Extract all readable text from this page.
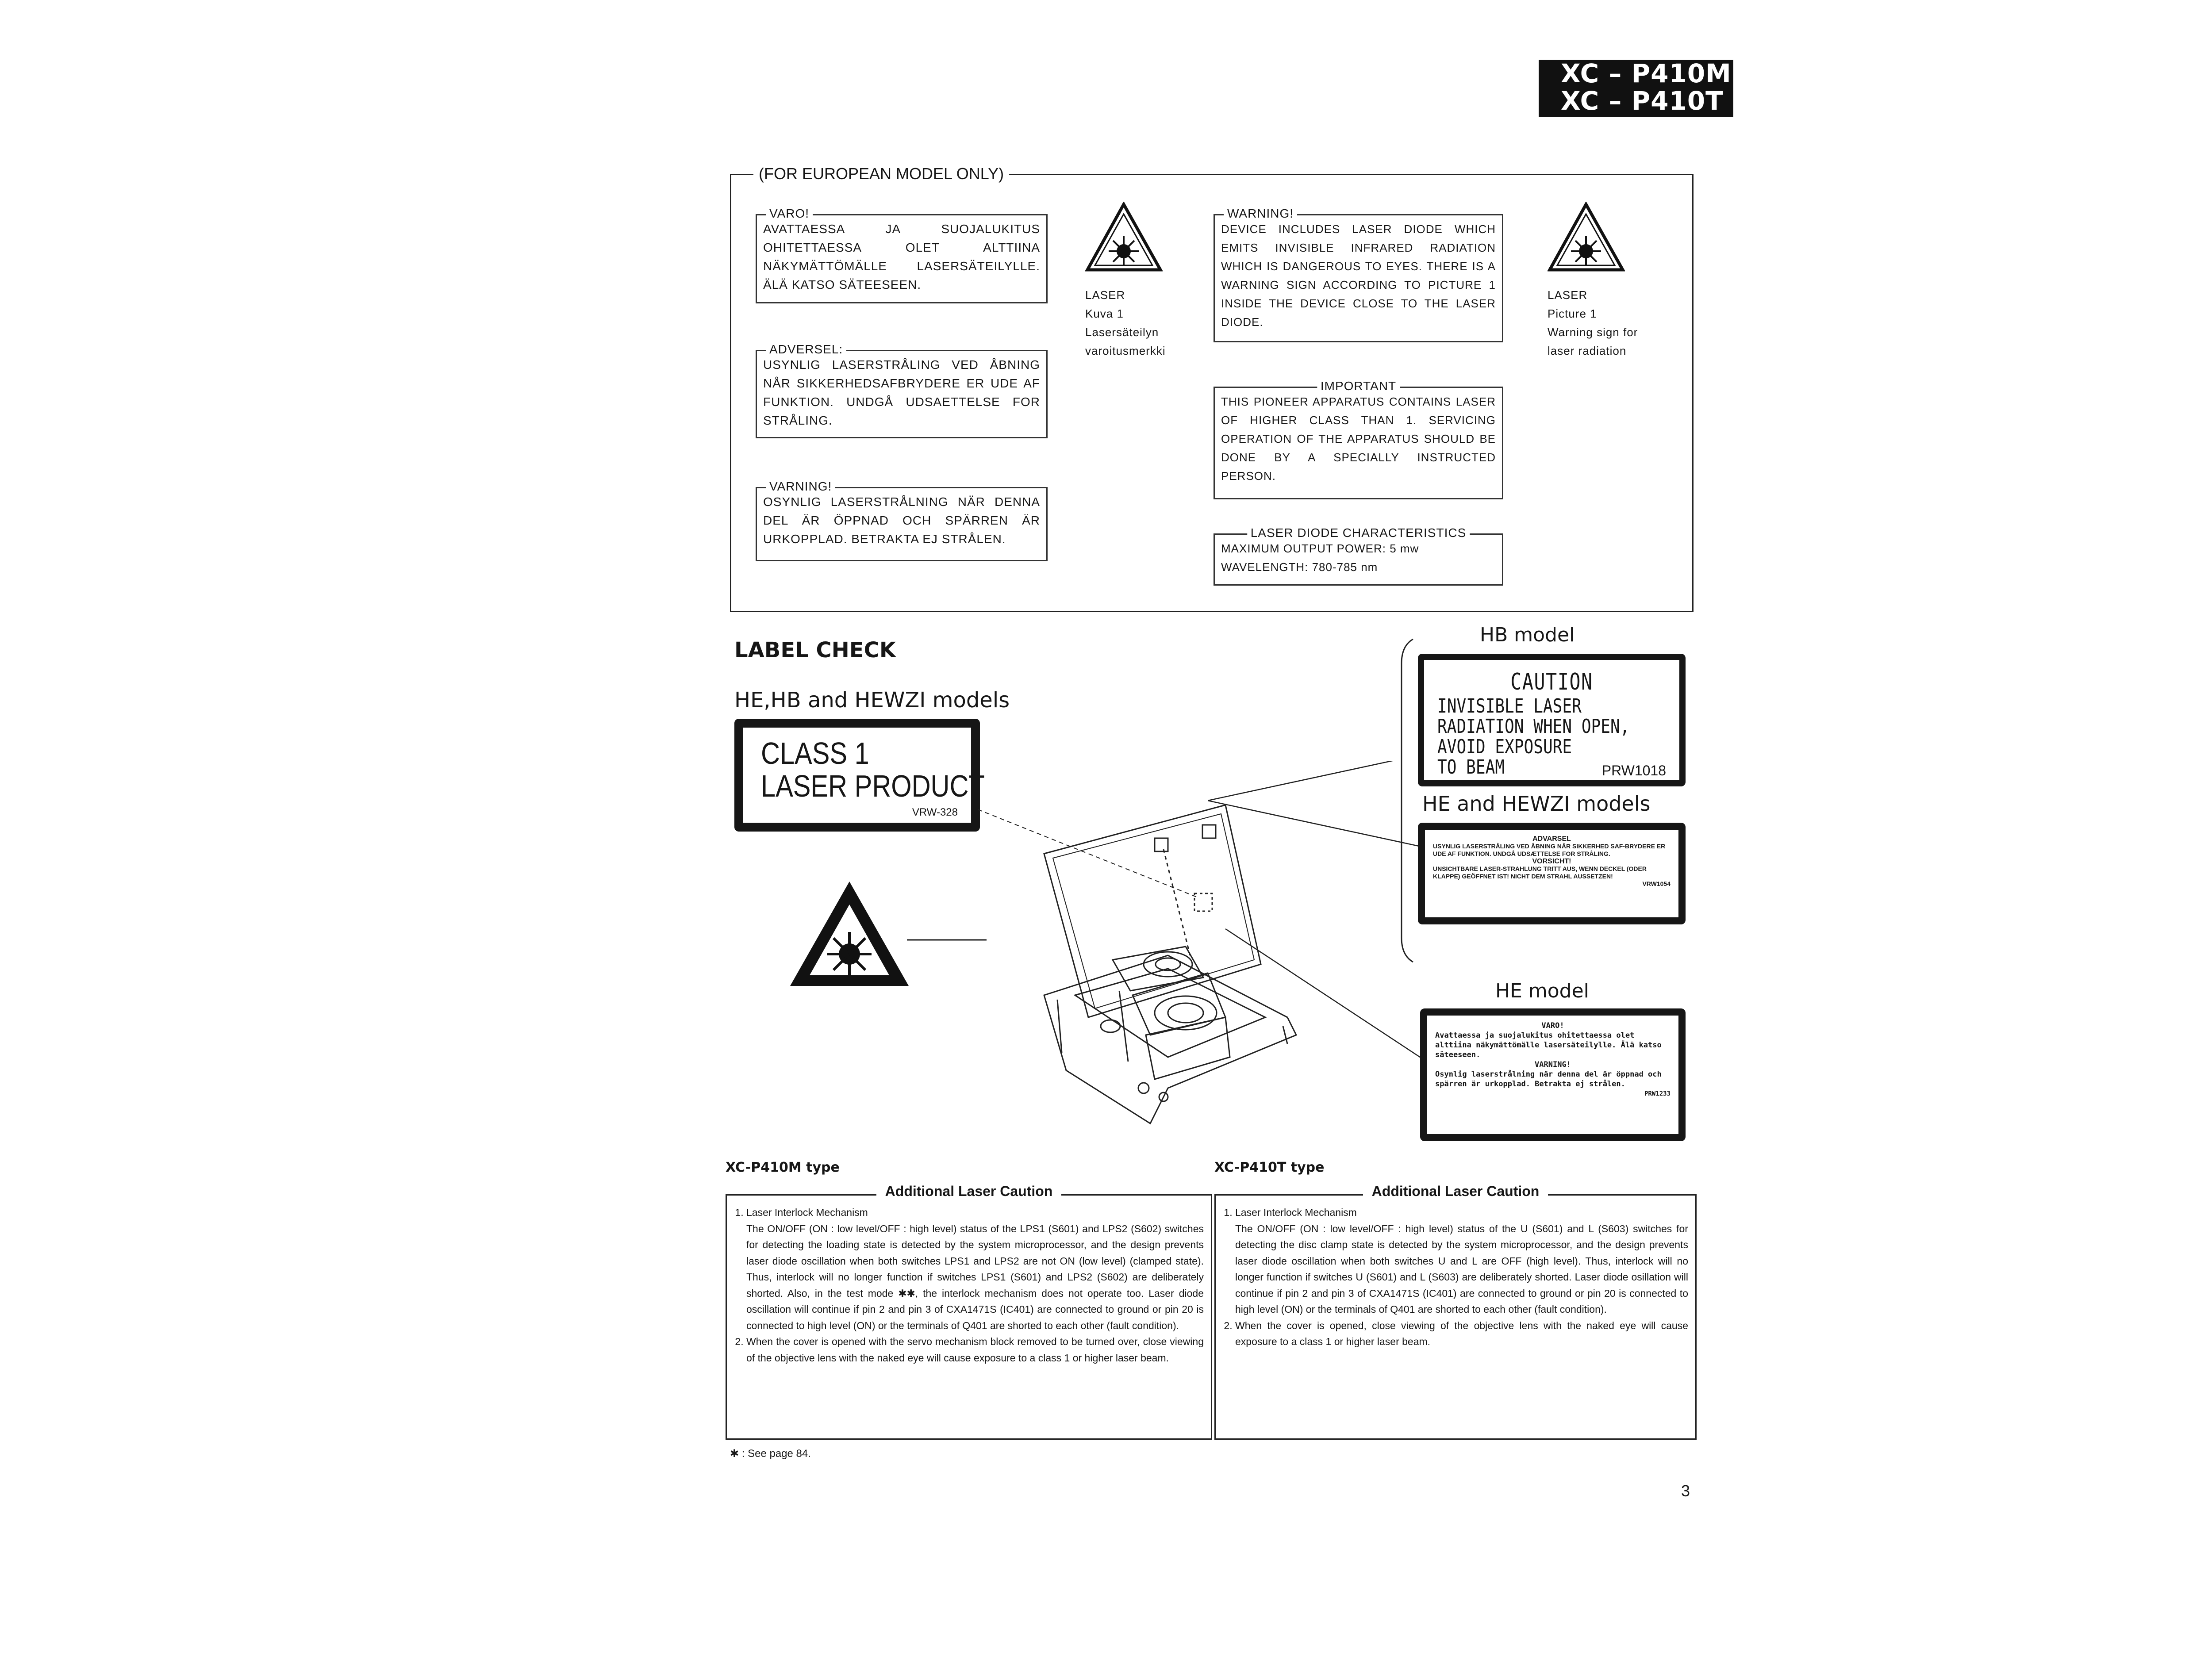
XC – P410M
XC – P410T
(FOR EUROPEAN MODEL ONLY)
VARO!
AVATTAESSA JA SUOJALUKITUS OHITETTAESSA OLET ALTTIINA NÄKYMÄTTÖMÄLLE LASERSÄTEILYLLE. ÄLÄ KATSO SÄTEESEEN.
ADVERSEL:
USYNLIG LASERSTRÅLING VED ÅBNING NÅR SIKKERHEDSAFBRYDERE ER UDE AF FUNKTION. UNDGÅ UDSAETTELSE FOR STRÅLING.
VARNING!
OSYNLIG LASERSTRÅLNING NÄR DENNA DEL ÄR ÖPPNAD OCH SPÄRREN ÄR URKOPPLAD. BETRAKTA EJ STRÅLEN.
LASER
Kuva 1
Lasersäteilyn
varoitusmerkki
WARNING!
DEVICE INCLUDES LASER DIODE WHICH EMITS INVISIBLE INFRARED RADIATION WHICH IS DANGEROUS TO EYES. THERE IS A WARNING SIGN ACCORDING TO PICTURE 1 INSIDE THE DEVICE CLOSE TO THE LASER DIODE.
LASER
Picture 1
Warning sign for
laser radiation
IMPORTANT
THIS PIONEER APPARATUS CONTAINS LASER OF HIGHER CLASS THAN 1. SERVICING OPERATION OF THE APPARATUS SHOULD BE DONE BY A SPECIALLY INSTRUCTED PERSON.
LASER DIODE CHARACTERISTICS
MAXIMUM OUTPUT POWER: 5 mw
WAVELENGTH: 780-785 nm
LABEL CHECK
HE,HB and HEWZI models
CLASS 1
LASER PRODUCT
VRW-328
HB model
CAUTION
INVISIBLE LASER
RADIATION WHEN OPEN,
AVOID EXPOSURE
TO BEAM	PRW1018
HE and HEWZI models
ADVARSEL
USYNLIG LASERSTRÅLING VED ÅBNING NÅR SIKKERHED SAF-BRYDERE ER UDE AF FUNKTION. UNDGÅ UDSÆTTELSE FOR STRÅLING.
VORSICHT!
UNSICHTBARE LASER-STRAHLUNG TRITT AUS, WENN DECKEL (ODER KLAPPE) GEÖFFNET IST! NICHT DEM STRAHL AUSSETZEN!
VRW1054
HE model
VARO!
Avattaessa ja suojalukitus ohitettaessa olet alttiina näkymättömälle lasersäteilylle. Älä katso säteeseen.
VARNING!
Osynlig laserstrålning när denna del är öppnad och spärren är urkopplad. Betrakta ej strålen.
PRW1233
XC-P410M type
Additional Laser Caution
1. Laser Interlock Mechanism
The ON/OFF (ON : low level/OFF : high level) status of the LPS1 (S601) and LPS2 (S602) switches for detecting the loading state is detected by the system microprocessor, and the design prevents laser diode oscillation when both switches LPS1 and LPS2 are not ON (low level) (clamped state). Thus, interlock will no longer function if switches LPS1 (S601) and LPS2 (S602) are deliberately shorted. Also, in the test mode ✱✱, the interlock mechanism does not operate too. Laser diode oscillation will continue if pin 2 and pin 3 of CXA1471S (IC401) are connected to ground or pin 20 is connected to high level (ON) or the terminals of Q401 are shorted to each other (fault condition).
2. When the cover is opened with the servo mechanism block removed to be turned over, close viewing of the objective lens with the naked eye will cause exposure to a class 1 or higher laser beam.
✱ : See page 84.
XC-P410T type
Additional Laser Caution
1. Laser Interlock Mechanism
The ON/OFF (ON : low level/OFF : high level) status of the U (S601) and L (S603) switches for detecting the disc clamp state is detected by the system microprocessor, and the design prevents laser diode oscillation when both switches U and L are OFF (high level). Thus, interlock will no longer function if switches U (S601) and L (S603) are deliberately shorted. Laser diode osillation will continue if pin 2 and pin 3 of CXA1471S (IC401) are connected to ground or pin 20 is connected to high level (ON) or the terminals of Q401 are shorted to each other (fault condition).
2. When the cover is opened, close viewing of the objective lens with the naked eye will cause exposure to a class 1 or higher laser beam.
3
